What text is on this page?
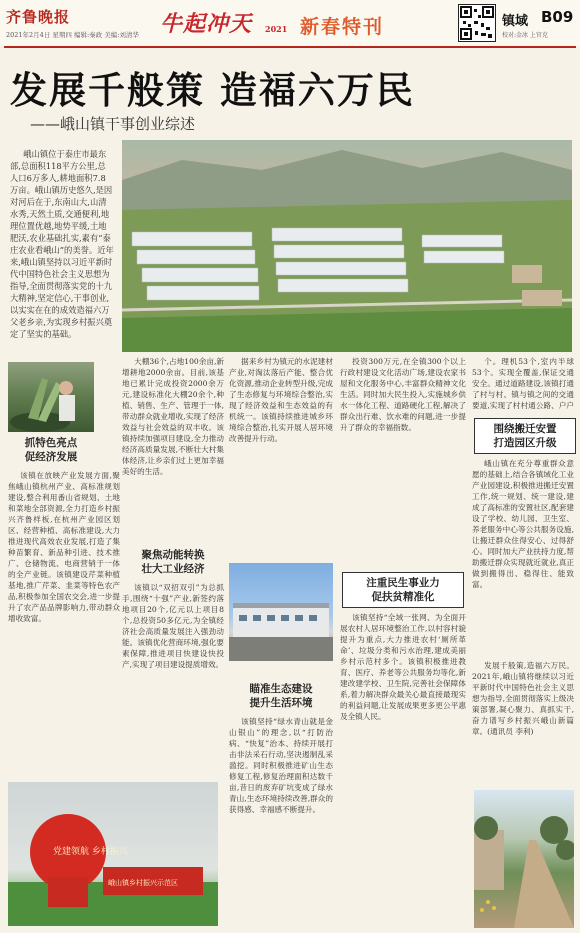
齐鲁晚报
2021年2月4日 星期四 编辑:秦政 美编:刘清华 牛起冲天 2021 新春特刊	镇域 B09
校对:金冰 上官克
发展千般策 造福六万民
——峨山镇干事创业综述
峨山镇位于泰庄市最东部,总面积118平方公里,总人口6万多人,耕地面积7.8万亩。峨山镇历史悠久,是因对河后在于,东南山大,山清水秀,天然土质,交通便利,地理位置优越,地势平缓,土地肥沃,农业基础扎实,素有“泰庄农业看峨山”的美誉。近年来,峨山镇坚持以习近平新时代中国特色社会主义思想为指导,全面贯彻落实党的十九大精神,坚定信心,干事创业,以实实在在的成效造福六万父老乡亲,为实现乡村振兴奠定了坚实的基础。
抓特色亮点
促经济发展
该镇在放映产业发展方面,聚焦峨山镇杭州产业、高标准规划建设,整合利用番山省规划、土地和菜地全部资源,全力打造乡村振兴齐鲁样板,在杭州产业园区划区、经营种植、高标准建设,大力推进现代高效农业发展,打造了集种苗繁育、新品种引进、技术推广、仓储物流、电商营销于一体的全产业链。该镇建设芹菜种植基地,推广芹菜、韭菜等特色农产品,积极参加全国农交会,进一步提升了农产品品牌影响力,带动群众增收致富。
党建领航 乡村振兴
峨山镇乡村振兴示范区
大棚36个,占地100余亩,新增耕地2000余亩。目前,该基地已累计完成投资2000余万元,建设标准化大棚20余个,种植、销售、生产、管理于一体,带动群众就业增收,实现了经济效益与社会效益的双丰收。该镇持续加强项目建设,全力推动经济高质量发展,不断壮大村集体经济,让乡亲们过上更加幸福美好的生活。
聚焦动能转换
壮大工业经济
该镇以“双招双引”为总抓手,围绕“十强”产业,新签约落地项目20个,亿元以上项目8个,总投资50多亿元,为全镇经济社会高质量发展注入强劲动能。该镇优化营商环境,强化要素保障,推进项目快建设快投产,实现了项目建设提质增效。
据来乡村为镇元的水泥建材产业,对淘汰落后产能、整合优化资源,推动企业转型升级,完成了生态修复与环境综合整治,实现了经济效益和生态效益的有机统一。该镇持续推进城乡环境综合整治,扎实开展人居环境改善提升行动。
瞄准生态建设
提升生活环境
该镇坚持“绿水青山就是金山银山”的理念,以“打防治病、“快复”治本、持续开展打击非法采石行动,坚决遏制乱采滥挖。同时积极推进矿山生态修复工程,修复治理面积达数千亩,昔日的废弃矿坑变成了绿水青山,生态环境持续改善,群众的获得感、幸福感不断提升。
投资300万元,在全镇300个以上行政村建设文化活动广场,建设农家书屋和文化服务中心,丰富群众精神文化生活。同时加大民生投入,实施城乡供水一体化工程、道路硬化工程,解决了群众出行难、饮水难的问题,进一步提升了群众的幸福指数。
注重民生事业力
促扶贫精准化
该镇坚持“全域一张网、为全面开展农村人居环境整治工作,以村容村貌提升为重点,大力推进农村‘厕所革命’、垃圾分类和污水治理,建成美丽乡村示范村多个。该镇积极推进教育、医疗、养老等公共服务均等化,新建改建学校、卫生院,完善社会保障体系,着力解决群众最关心最直接最现实的利益问题,让发展成果更多更公平惠及全镇人民。
个。理机53个,室内半球53个。实现全覆盖,保证交通安全。通过道路建设,该镇打通了村与村、镇与镇之间的交通要道,实现了村村通公路、户户
围绕搬迁安置
打造园区升级
峨山镇在充分尊重群众意愿的基础上,结合各镇域化工业产业园建设,积极推进搬迁安置工作,统一规划、统一建设,建成了高标准的安置社区,配套建设了学校、幼儿园、卫生室、养老服务中心等公共服务设施,让搬迁群众住得安心、过得舒心。同时加大产业扶持力度,帮助搬迁群众实现就近就业,真正做到搬得出、稳得住、能致富。
发展千般策,造福六万民。2021年,峨山镇将继续以习近平新时代中国特色社会主义思想为指导,全面贯彻落实上级决策部署,凝心聚力、真抓实干,奋力谱写乡村振兴峨山新篇章。(通讯员 李利)
